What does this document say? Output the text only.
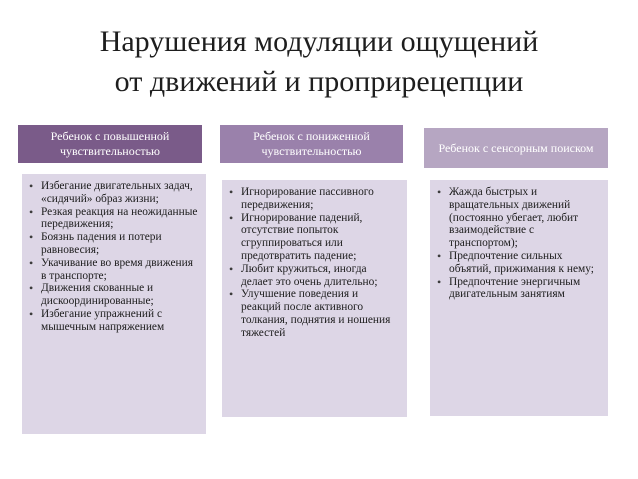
Нарушения модуляции ощущений
от движений и проприрецепции
Ребенок с повышенной чувствительностью
Ребенок с пониженной чувствительностью	Ребенок с сенсорным поиском
• Избегание двигательных задач, «сидячий» образ жизни;
• Резкая реакция на неожиданные передвижения;
• Боязнь падения и потери равновесия;
• Укачивание во время движения в транспорте;
• Движения скованные и дискоординированные;
• Избегание упражнений с мышечным напряжением
• Игнорирование пассивного передвижения;
• Игнорирование падений, отсутствие попыток сгруппироваться или предотвратить падение;
• Любит кружиться, иногда делает это очень длительно;
• Улучшение поведения и реакций после активного толкания, поднятия и ношения тяжестей
• Жажда быстрых и вращательных движений (постоянно убегает, любит взаимодействие с транспортом);
• Предпочтение сильных объятий, прижимания к нему;
• Предпочтение энергичным двигательным занятиям
